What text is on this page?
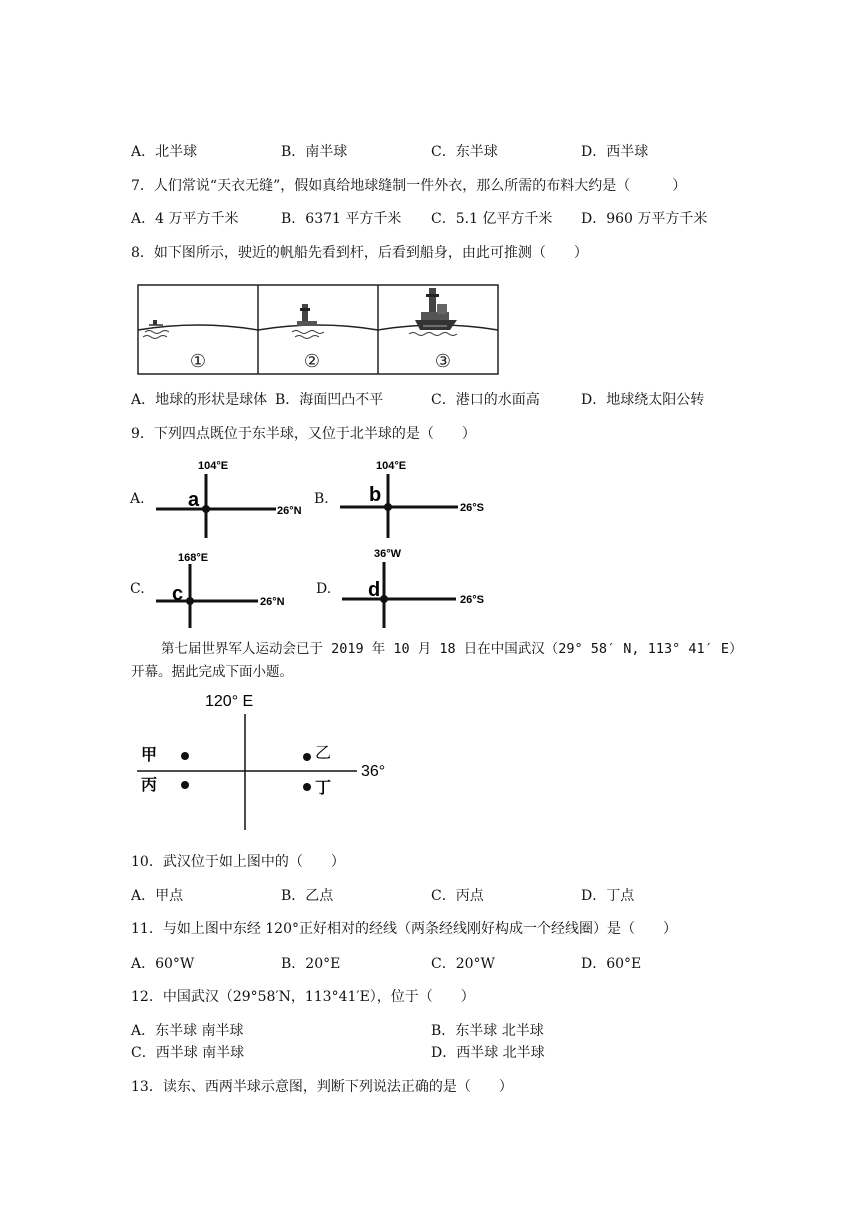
A．北半球	B．南半球	C．东半球	D．西半球
7．人们常说“天衣无缝”，假如真给地球缝制一件外衣，那么所需的布料大约是（　　　）
A．4 万平方千米	B．6371 平方千米 C．5.1 亿平方千米 D．960 万平方千米
8．如下图所示，驶近的帆船先看到杆，后看到船身，由此可推测（　　）
①	②	③
A．地球的形状是球体 B．海面凹凸不平	C．港口的水面高	D．地球绕太阳公转
9．下列四点既位于东半球，又位于北半球的是（　　）
A.	B.
C.	D.
104°E
a	26°N
104°E
b
26°S
168°E
c	26°N
36°W
d	26°S
第七届世界军人运动会已于 2019 年 10 月 18 日在中国武汉（29° 58′ N, 113° 41′ E）
开幕。据此完成下面小题。
120° E
36°
甲	乙
丙	丁
10．武汉位于如上图中的（　　）
A．甲点	B．乙点	C．丙点	D．丁点
11．与如上图中东经 120°正好相对的经线（两条经线刚好构成一个经线圈）是（　　）
A．60°W	B．20°E	C．20°W	D．60°E
12．中国武汉（29°58′N，113°41′E），位于（　　）
A．东半球 南半球	B．东半球 北半球
C．西半球 南半球	D．西半球 北半球
13．读东、西两半球示意图，判断下列说法正确的是（　　）
